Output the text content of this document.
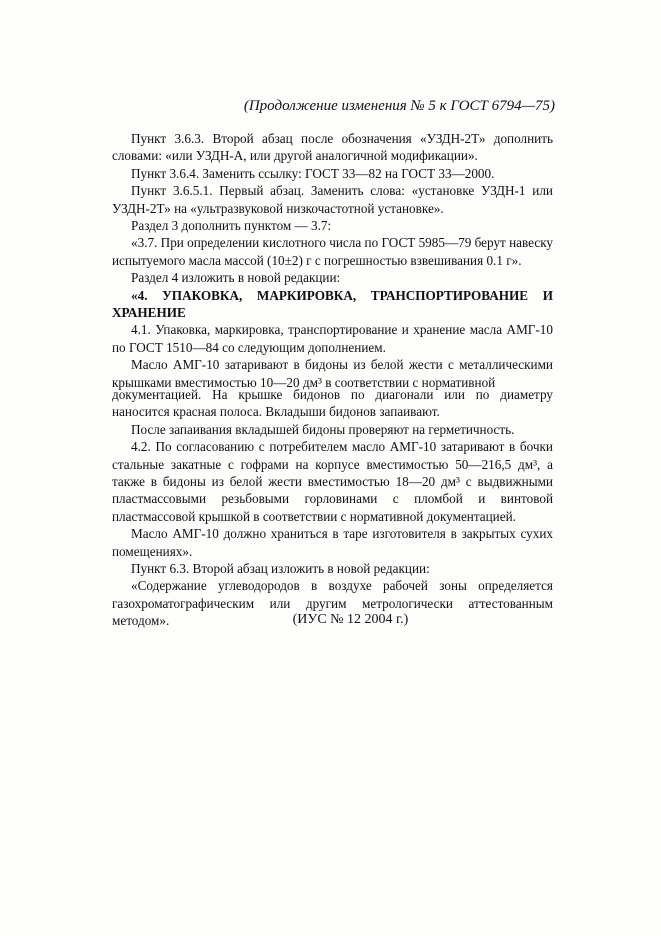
(Продолжение изменения № 5 к ГОСТ 6794—75)

Пункт 3.6.3. Второй абзац после обозначения «УЗДН-2Т» дополнить словами: «или УЗДН-А, или другой аналогичной модификации».

Пункт 3.6.4. Заменить ссылку: ГОСТ 33—82 на ГОСТ 33—2000.

Пункт 3.6.5.1. Первый абзац. Заменить слова: «установке УЗДН-1 или УЗДН-2Т» на «ультразвуковой низкочастотной установке».

Раздел 3 дополнить пунктом — 3.7:

«3.7. При определении кислотного числа по ГОСТ 5985—79 берут навеску испытуемого масла массой (10±2) г с погрешностью взвешивания 0.1 г».

Раздел 4 изложить в новой редакции:

«4. УПАКОВКА, МАРКИРОВКА, ТРАНСПОРТИРОВАНИЕ И ХРАНЕНИЕ

4.1. Упаковка, маркировка, транспортирование и хранение масла АМГ-10 по ГОСТ 1510—84 со следующим дополнением.

Масло АМГ-10 затаривают в бидоны из белой жести с металлическими крышками вместимостью 10—20 дм³ в соответствии с нормативной

документацией. На крышке бидонов по диагонали или по диаметру наносится красная полоса. Вкладыши бидонов запаивают.

После запаивания вкладышей бидоны проверяют на герметичность.

4.2. По согласованию с потребителем масло АМГ-10 затаривают в бочки стальные закатные с гофрами на корпусе вместимостью 50—216,5 дм³, а также в бидоны из белой жести вместимостью 18—20 дм³ с выдвижными пластмассовыми резьбовыми горловинами с пломбой и винтовой пластмассовой крышкой в соответствии с нормативной документацией.

Масло АМГ-10 должно храниться в таре изготовителя в закрытых сухих помещениях».

Пункт 6.3. Второй абзац изложить в новой редакции:

«Содержание углеводородов в воздухе рабочей зоны определяется газохроматографическим или другим метрологически аттестованным методом».	(ИУС № 12 2004 г.)
